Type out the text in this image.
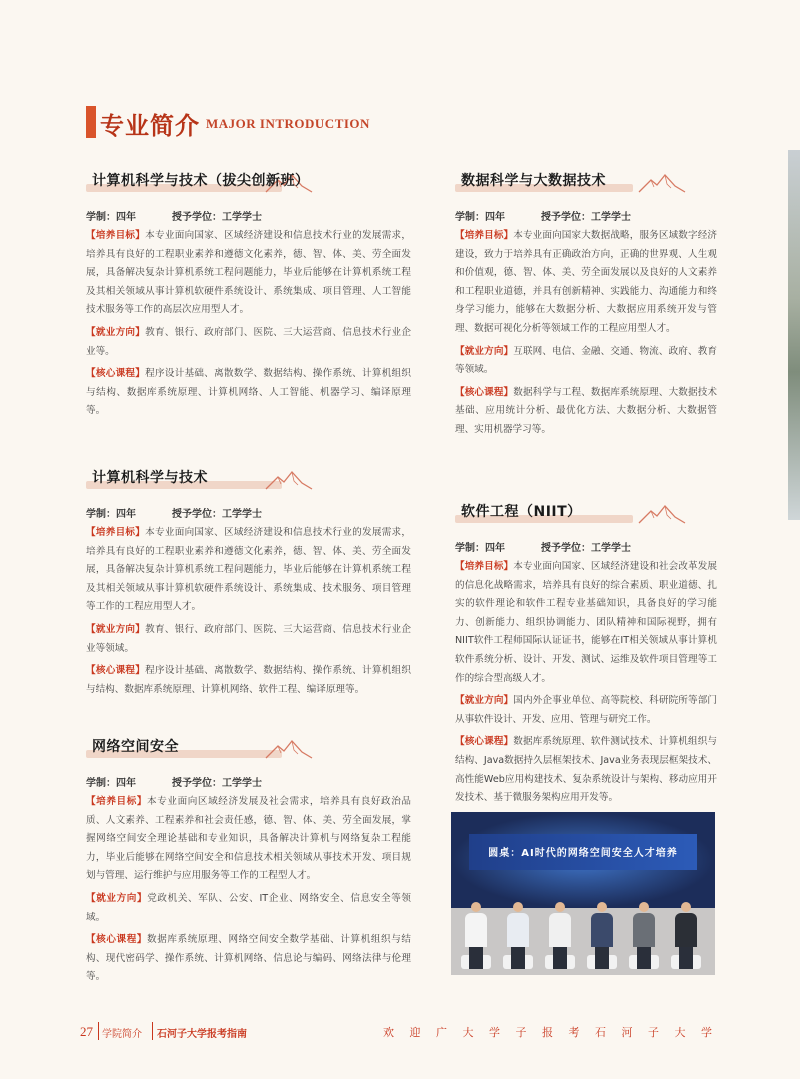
专业简介 MAJOR INTRODUCTION
计算机科学与技术（拔尖创新班）
学制：四年	授予学位：工学学士

【培养目标】本专业面向国家、区域经济建设和信息技术行业的发展需求，培养具有良好的工程职业素养和遵德文化素养，德、智、体、美、劳全面发展，具备解决复杂计算机系统工程问题能力，毕业后能够在计算机系统工程及其相关领域从事计算机软硬件系统设计、系统集成、项目管理、人工智能技术服务等工作的高层次应用型人才。

【就业方向】教育、银行、政府部门、医院、三大运营商、信息技术行业企业等。

【核心课程】程序设计基础、离散数学、数据结构、操作系统、计算机组织与结构、数据库系统原理、计算机网络、人工智能、机器学习、编译原理等。

计算机科学与技术
学制：四年	授予学位：工学学士

【培养目标】本专业面向国家、区域经济建设和信息技术行业的发展需求，培养具有良好的工程职业素养和遵德文化素养，德、智、体、美、劳全面发展，具备解决复杂计算机系统工程问题能力，毕业后能够在计算机系统工程及其相关领域从事计算机软硬件系统设计、系统集成、技术服务、项目管理等工作的工程应用型人才。

【就业方向】教育、银行、政府部门、医院、三大运营商、信息技术行业企业等领域。

【核心课程】程序设计基础、离散数学、数据结构、操作系统、计算机组织与结构、数据库系统原理、计算机网络、软件工程、编译原理等。

网络空间安全
学制：四年	授予学位：工学学士

【培养目标】本专业面向区域经济发展及社会需求，培养具有良好政治品质、人文素养、工程素养和社会责任感，德、智、体、美、劳全面发展，掌握网络空间安全理论基础和专业知识，具备解决计算机与网络复杂工程能力，毕业后能够在网络空间安全和信息技术相关领域从事技术开发、项目规划与管理、运行维护与应用服务等工作的工程型人才。

【就业方向】党政机关、军队、公安、IT企业、网络安全、信息安全等领域。

【核心课程】数据库系统原理、网络空间安全数学基础、计算机组织与结构、现代密码学、操作系统、计算机网络、信息论与编码、网络法律与伦理等。

数据科学与大数据技术
学制：四年	授予学位：工学学士

【培养目标】本专业面向国家大数据战略，服务区域数字经济建设，致力于培养具有正确政治方向，正确的世界观、人生观和价值观，德、智、体、美、劳全面发展以及良好的人文素养和工程职业道德，并具有创新精神、实践能力、沟通能力和终身学习能力，能够在大数据分析、大数据应用系统开发与管理、数据可视化分析等领域工作的工程应用型人才。

【就业方向】互联网、电信、金融、交通、物流、政府、教育等领域。

【核心课程】数据科学与工程、数据库系统原理、大数据技术基础、应用统计分析、最优化方法、大数据分析、大数据管理、实用机器学习等。

软件工程（NIIT）
学制：四年	授予学位：工学学士

【培养目标】本专业面向国家、区域经济建设和社会改革发展的信息化战略需求，培养具有良好的综合素质、职业道德、扎实的软件理论和软件工程专业基础知识，具备良好的学习能力、创新能力、组织协调能力、团队精神和国际视野，拥有NIIT软件工程师国际认证证书，能够在IT相关领域从事计算机软件系统分析、设计、开发、测试、运维及软件项目管理等工作的综合型高级人才。

【就业方向】国内外企事业单位、高等院校、科研院所等部门从事软件设计、开发、应用、管理与研究工作。

【核心课程】数据库系统原理、软件测试技术、计算机组织与结构、Java数据持久层框架技术、Java业务表现层框架技术、高性能Web应用构建技术、复杂系统设计与架构、移动应用开发技术、基于微服务架构应用开发等。

圆桌：AI时代的网络空间安全人才培养
27 学院简介 石河子大学报考指南	欢迎广大学子报考石河子大学
